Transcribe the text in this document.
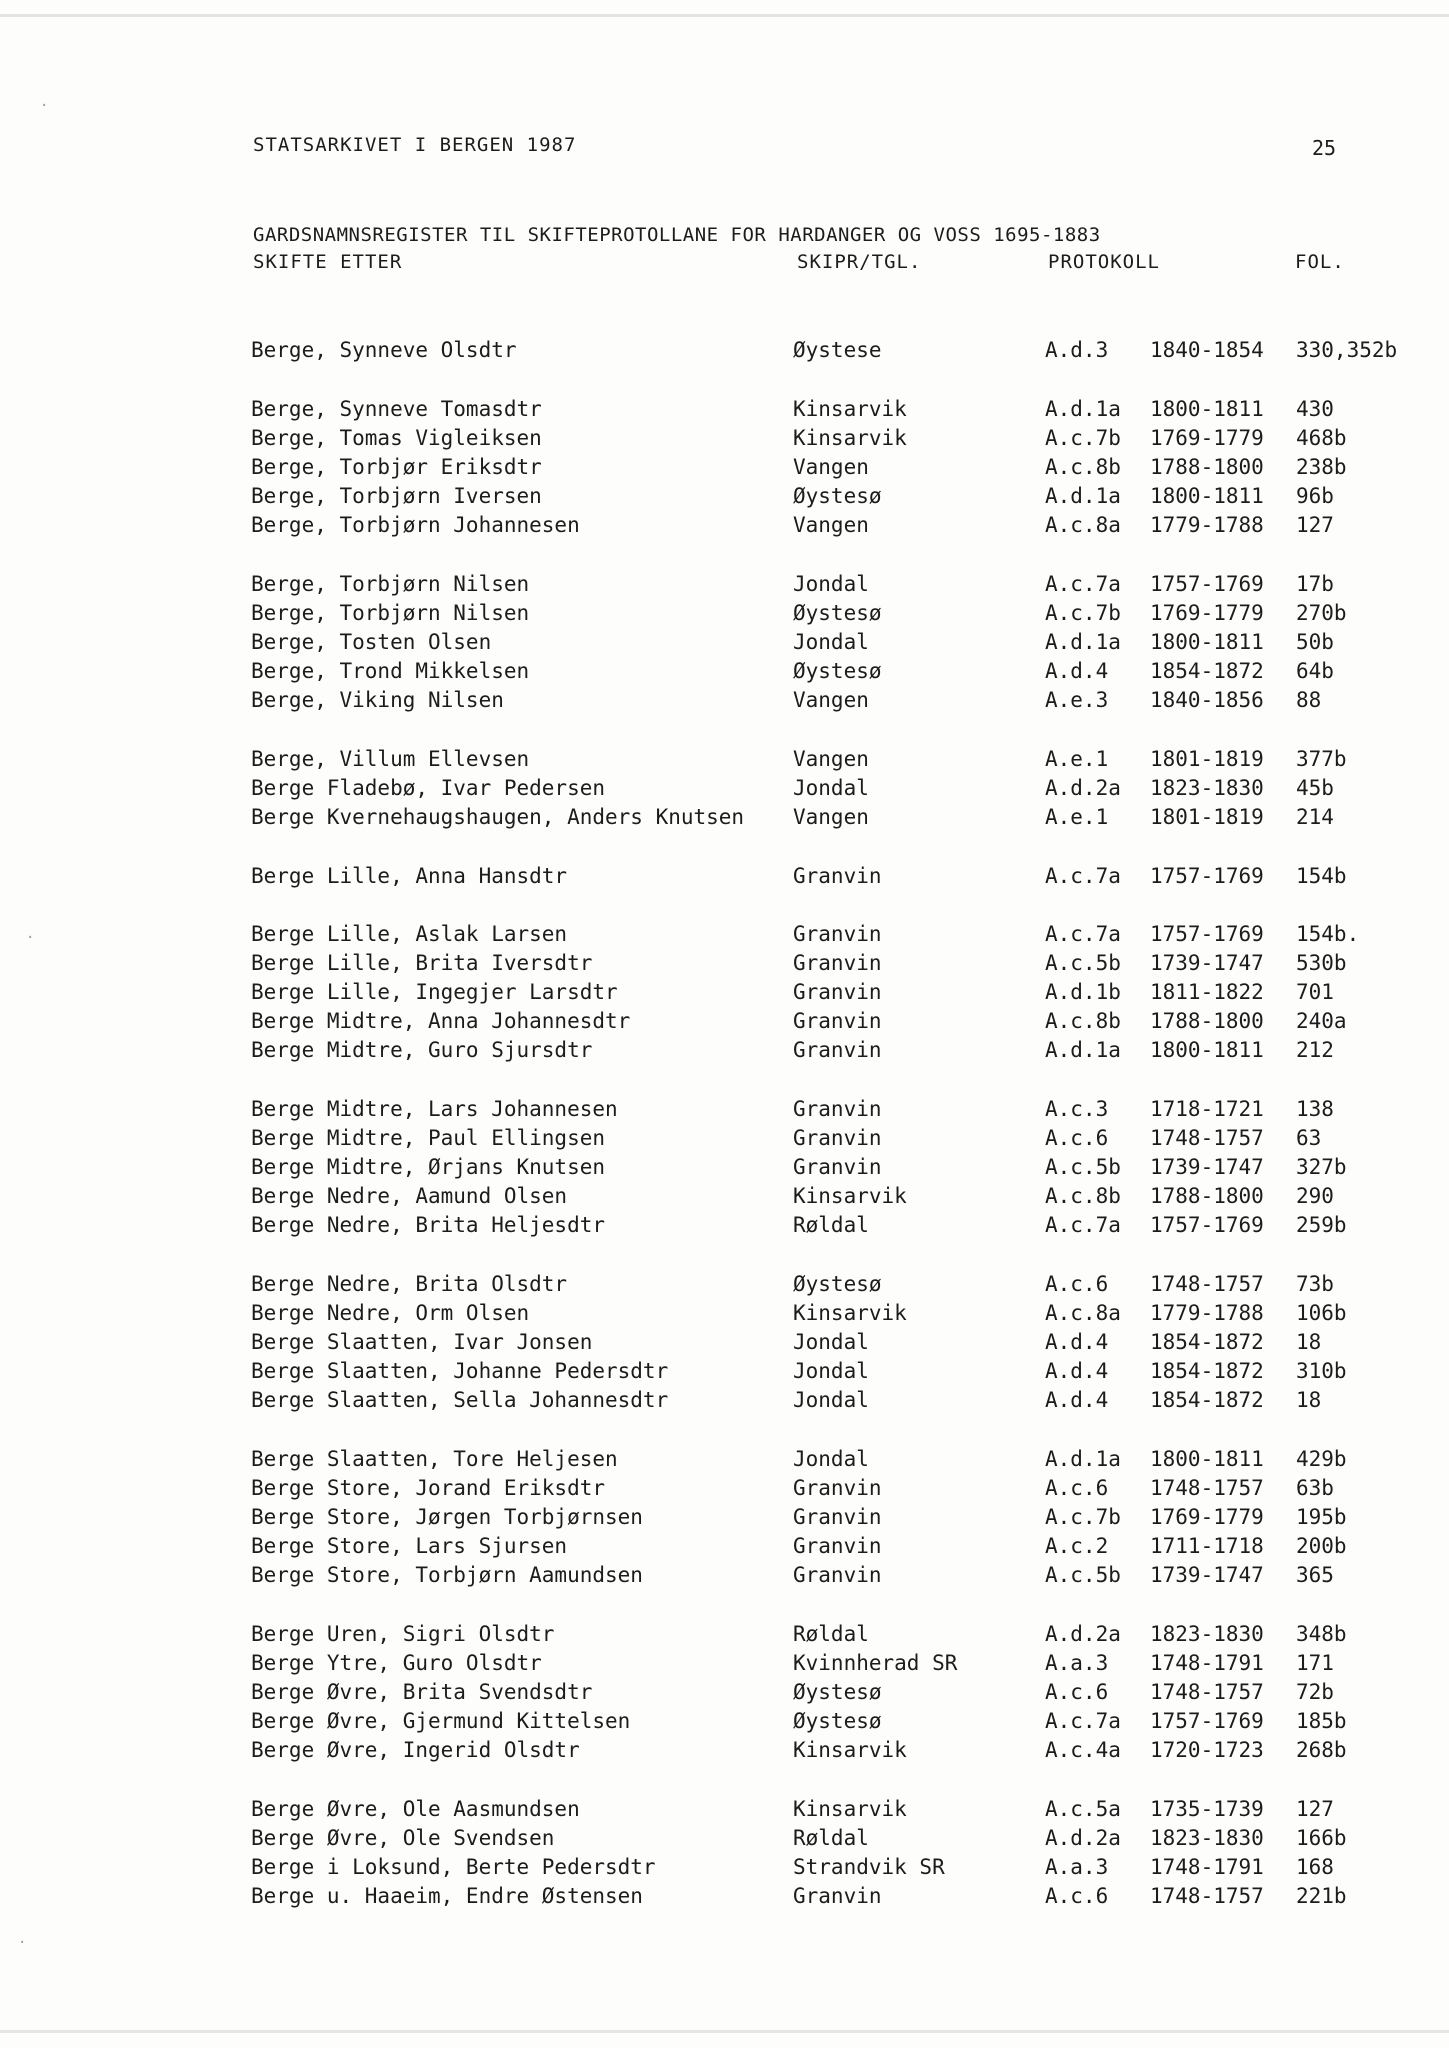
·
·
·
STATSARKIVET I BERGEN 1987	25
GARDSNAMNSREGISTER TIL SKIFTEPROTOLLANE FOR HARDANGER OG VOSS 1695-1883
SKIFTE ETTER	SKIPR/TGL.	PROTOKOLL	FOL.
Berge, Synneve Olsdtr	Øystese	A.d.3 1840-1854 330,352b
Berge, Synneve Tomasdtr	Kinsarvik	A.d.1a 1800-1811 430
Berge, Tomas Vigleiksen	Kinsarvik	A.c.7b 1769-1779 468b
Berge, Torbjør Eriksdtr	Vangen	A.c.8b 1788-1800 238b
Berge, Torbjørn Iversen	Øystesø	A.d.1a 1800-1811 96b
Berge, Torbjørn Johannesen	Vangen	A.c.8a 1779-1788 127
Berge, Torbjørn Nilsen	Jondal	A.c.7a 1757-1769 17b
Berge, Torbjørn Nilsen	Øystesø	A.c.7b 1769-1779 270b
Berge, Tosten Olsen	Jondal	A.d.1a 1800-1811 50b
Berge, Trond Mikkelsen	Øystesø	A.d.4 1854-1872 64b
Berge, Viking Nilsen	Vangen	A.e.3 1840-1856 88
Berge, Villum Ellevsen	Vangen	A.e.1 1801-1819 377b
Berge Fladebø, Ivar Pedersen	Jondal	A.d.2a 1823-1830 45b
Berge Kvernehaugshaugen, Anders Knutsen	Vangen	A.e.1 1801-1819 214
Berge Lille, Anna Hansdtr	Granvin	A.c.7a 1757-1769 154b
Berge Lille, Aslak Larsen	Granvin	A.c.7a 1757-1769 154b.
Berge Lille, Brita Iversdtr	Granvin	A.c.5b 1739-1747 530b
Berge Lille, Ingegjer Larsdtr	Granvin	A.d.1b 1811-1822 701
Berge Midtre, Anna Johannesdtr	Granvin	A.c.8b 1788-1800 240a
Berge Midtre, Guro Sjursdtr	Granvin	A.d.1a 1800-1811 212
Berge Midtre, Lars Johannesen	Granvin	A.c.3 1718-1721 138
Berge Midtre, Paul Ellingsen	Granvin	A.c.6 1748-1757 63
Berge Midtre, Ørjans Knutsen	Granvin	A.c.5b 1739-1747 327b
Berge Nedre, Aamund Olsen	Kinsarvik	A.c.8b 1788-1800 290
Berge Nedre, Brita Heljesdtr	Røldal	A.c.7a 1757-1769 259b
Berge Nedre, Brita Olsdtr	Øystesø	A.c.6 1748-1757 73b
Berge Nedre, Orm Olsen	Kinsarvik	A.c.8a 1779-1788 106b
Berge Slaatten, Ivar Jonsen	Jondal	A.d.4 1854-1872 18
Berge Slaatten, Johanne Pedersdtr	Jondal	A.d.4 1854-1872 310b
Berge Slaatten, Sella Johannesdtr	Jondal	A.d.4 1854-1872 18
Berge Slaatten, Tore Heljesen	Jondal	A.d.1a 1800-1811 429b
Berge Store, Jorand Eriksdtr	Granvin	A.c.6 1748-1757 63b
Berge Store, Jørgen Torbjørnsen	Granvin	A.c.7b 1769-1779 195b
Berge Store, Lars Sjursen	Granvin	A.c.2 1711-1718 200b
Berge Store, Torbjørn Aamundsen	Granvin	A.c.5b 1739-1747 365
Berge Uren, Sigri Olsdtr	Røldal	A.d.2a 1823-1830 348b
Berge Ytre, Guro Olsdtr	Kvinnherad SR	A.a.3 1748-1791 171
Berge Øvre, Brita Svendsdtr	Øystesø	A.c.6 1748-1757 72b
Berge Øvre, Gjermund Kittelsen	Øystesø	A.c.7a 1757-1769 185b
Berge Øvre, Ingerid Olsdtr	Kinsarvik	A.c.4a 1720-1723 268b
Berge Øvre, Ole Aasmundsen	Kinsarvik	A.c.5a 1735-1739 127
Berge Øvre, Ole Svendsen	Røldal	A.d.2a 1823-1830 166b
Berge i Loksund, Berte Pedersdtr	Strandvik SR	A.a.3 1748-1791 168
Berge u. Haaeim, Endre Østensen	Granvin	A.c.6 1748-1757 221b
